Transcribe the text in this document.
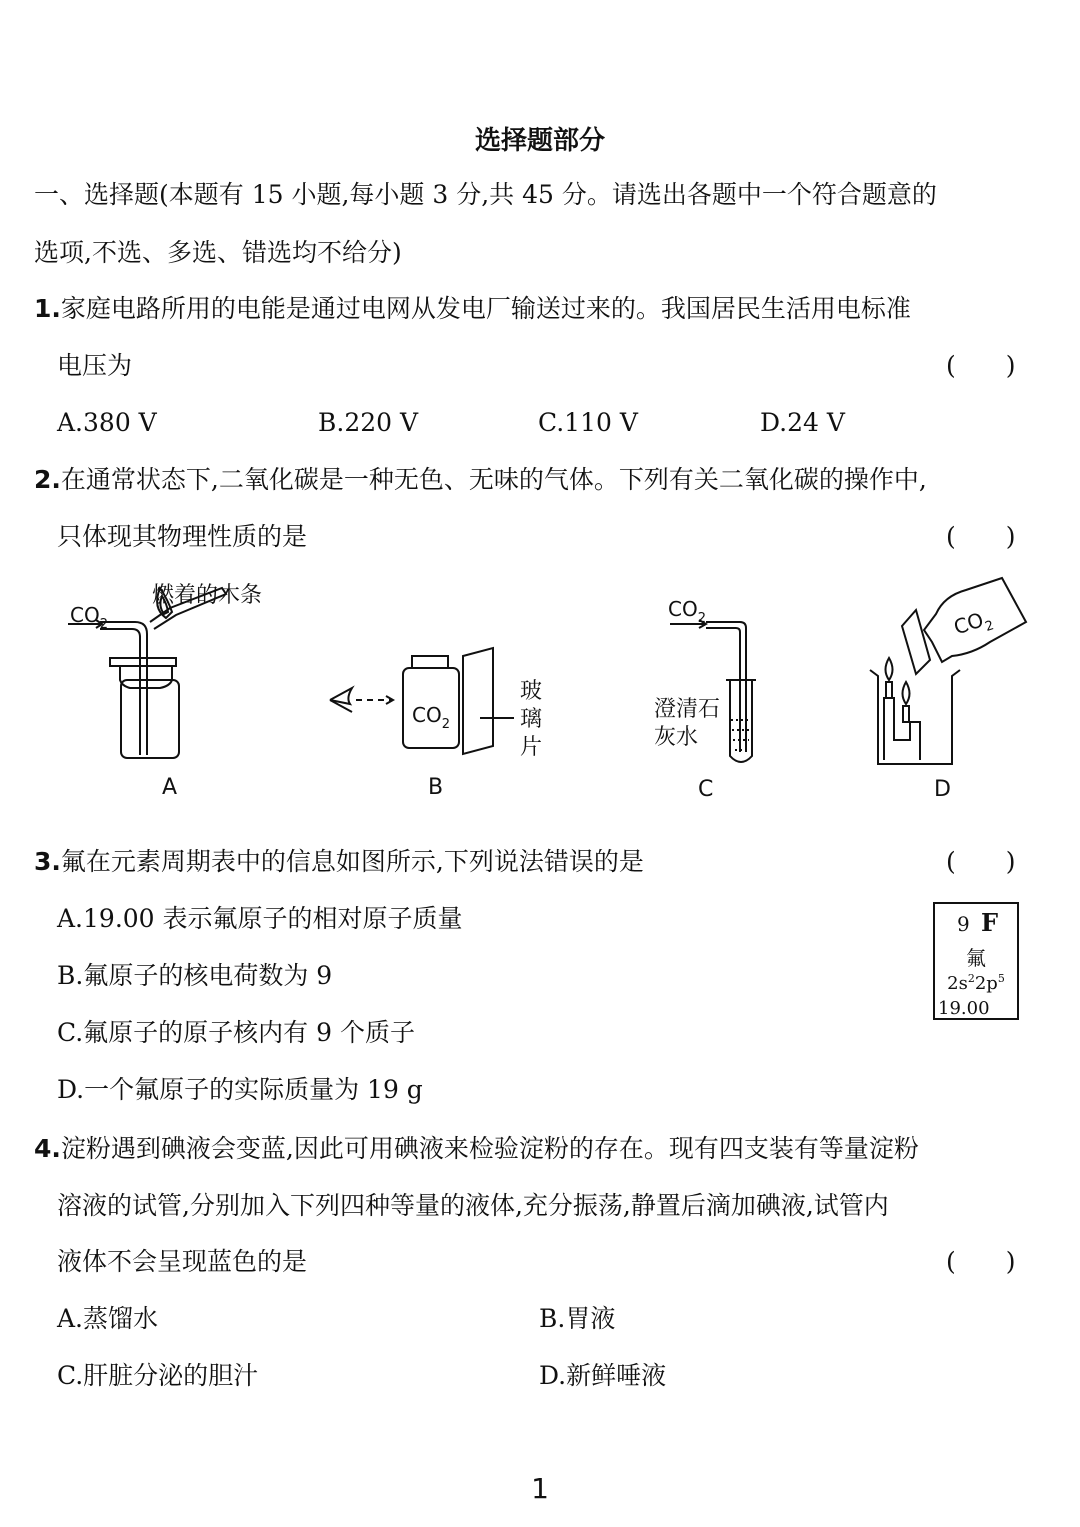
选择题部分
一、选择题(本题有 15 小题,每小题 3 分,共 45 分。请选出各题中一个符合题意的
选项,不选、多选、错选均不给分)
1.家庭电路所用的电能是通过电网从发电厂输送过来的。我国居民生活用电标准
电压为	(　　)
A.380 V	B.220 V	C.110 V	D.24 V
2.在通常状态下,二氧化碳是一种无色、无味的气体。下列有关二氧化碳的操作中,
只体现其物理性质的是	(　　)
$CO_2$
$CO_2$
$CO_2$	$CO_2$
燃着的木条
玻
璃
片
澄清石
灰水
A	B	C	D
3.氟在元素周期表中的信息如图所示,下列说法错误的是	(　　)
A.19.00 表示氟原子的相对原子质量
B.氟原子的核电荷数为 9
C.氟原子的原子核内有 9 个质子
D.一个氟原子的实际质量为 19 g
9 F
氟
$2s^22p^5$
19.00
4.淀粉遇到碘液会变蓝,因此可用碘液来检验淀粉的存在。现有四支装有等量淀粉
溶液的试管,分别加入下列四种等量的液体,充分振荡,静置后滴加碘液,试管内
液体不会呈现蓝色的是	(　　)
A.蒸馏水	B.胃液
C.肝脏分泌的胆汁	D.新鲜唾液
1
